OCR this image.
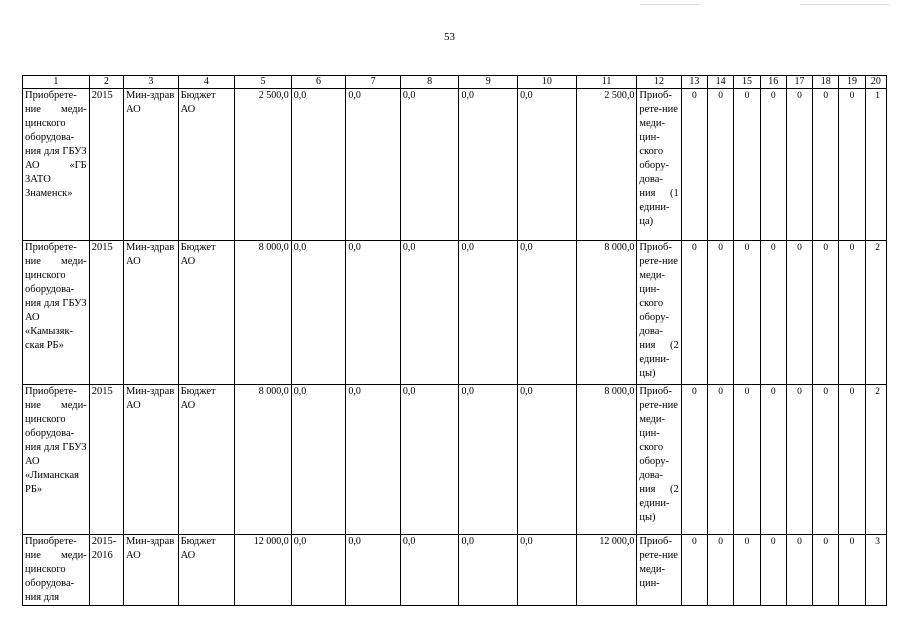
53
1	2	3	4	5	6	7	8	9	10	11	12	13	14	15	16	17	18	19	20
Приобрете-ние меди-цинского оборудова-ния для ГБУЗ АО «ГБ ЗАТО Знаменск»	2015	Мин-здрав АО	Бюджет АО	2 500,0	0,0	0,0	0,0	0,0	0,0	2 500,0	Приоб-рете-ние меди-цин-ского обору-дова-ния (1 едини-ца)	0	0	0	0	0	0	0	1
Приобрете-ние меди-цинского оборудова-ния для ГБУЗ АО «Камызяк-ская РБ»	2015	Мин-здрав АО	Бюджет АО	8 000,0	0,0	0,0	0,0	0,0	0,0	8 000,0	Приоб-рете-ние меди-цин-ского обору-дова-ния (2 едини-цы)	0	0	0	0	0	0	0	2
Приобрете-ние меди-цинского оборудова-ния для ГБУЗ АО «Лиманская РБ»	2015	Мин-здрав АО	Бюджет АО	8 000,0	0,0	0,0	0,0	0,0	0,0	8 000,0	Приоб-рете-ние меди-цин-ского обору-дова-ния (2 едини-цы)	0	0	0	0	0	0	0	2
Приобрете-ние меди-цинского оборудова-ния для	2015-2016	Мин-здрав АО	Бюджет АО	12 000,0	0,0	0,0	0,0	0,0	0,0	12 000,0	Приоб-рете-ние меди-цин-	0	0	0	0	0	0	0	3
